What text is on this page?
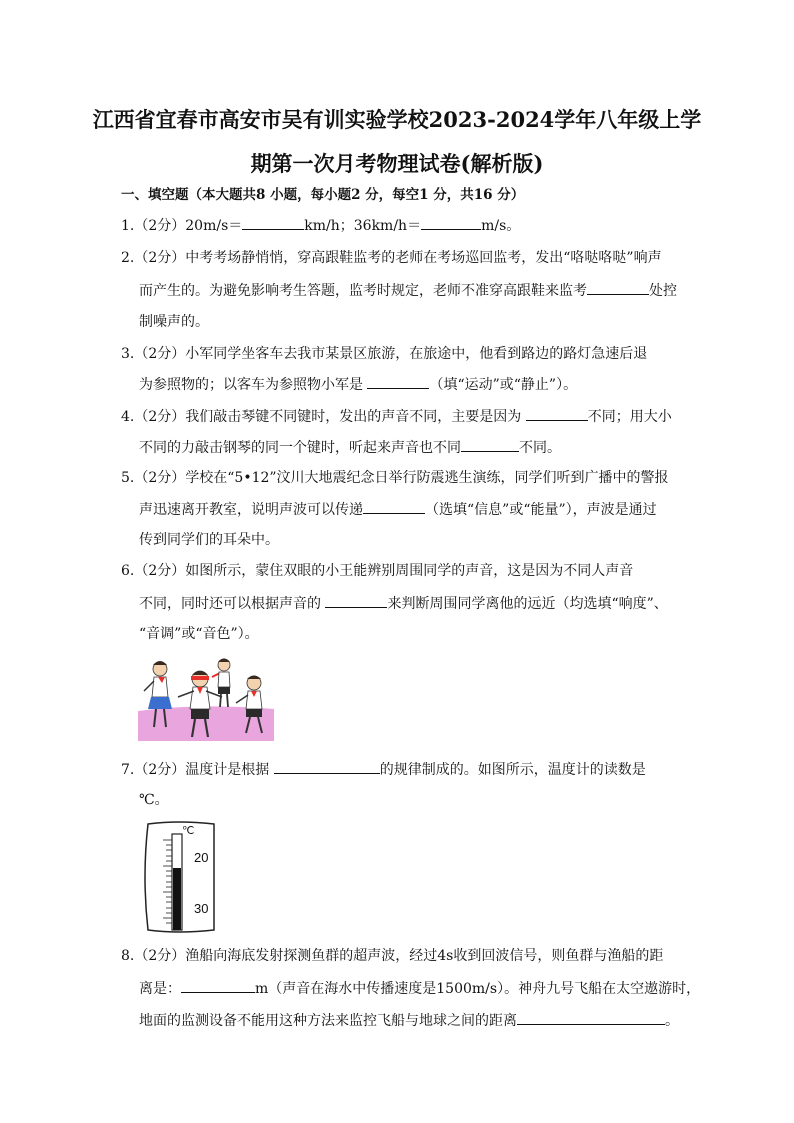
江西省宜春市高安市吴有训实验学校2023-2024学年八年级上学
期第一次月考物理试卷(解析版)
一、填空题（本大题共8 小题，每小题2 分，每空1 分，共16 分）
1.（2分）20m/s＝	km/h；36km/h＝	m/s。
2.（2分）中考考场静悄悄，穿高跟鞋监考的老师在考场巡回监考，发出“咯哒咯哒”响声
而产生的。为避免影响考生答题，监考时规定，老师不准穿高跟鞋来监考	处控
制噪声的。
3.（2分）小军同学坐客车去我市某景区旅游，在旅途中，他看到路边的路灯急速后退
为参照物的；以客车为参照物小军是	（填“运动”或“静止”）。
4.（2分）我们敲击琴键不同键时，发出的声音不同，主要是因为	不同；用大小
不同的力敲击钢琴的同一个键时，听起来声音也不同	不同。
5.（2分）学校在“5•12”汶川大地震纪念日举行防震逃生演练，同学们听到广播中的警报
声迅速离开教室，说明声波可以传递	（选填“信息”或“能量”），声波是通过
传到同学们的耳朵中。
6.（2分）如图所示，蒙住双眼的小王能辨别周围同学的声音，这是因为不同人声音
不同，同时还可以根据声音的	来判断周围同学离他的远近（均选填“响度”、
“音调”或“音色”）。
7.（2分）温度计是根据	的规律制成的。如图所示，温度计的读数是
℃。
℃
20
30
8.（2分）渔船向海底发射探测鱼群的超声波，经过4s收到回波信号，则鱼群与渔船的距
离是：	m（声音在海水中传播速度是1500m/s）。神舟九号飞船在太空遨游时，
地面的监测设备不能用这种方法来监控飞船与地球之间的距离	。
